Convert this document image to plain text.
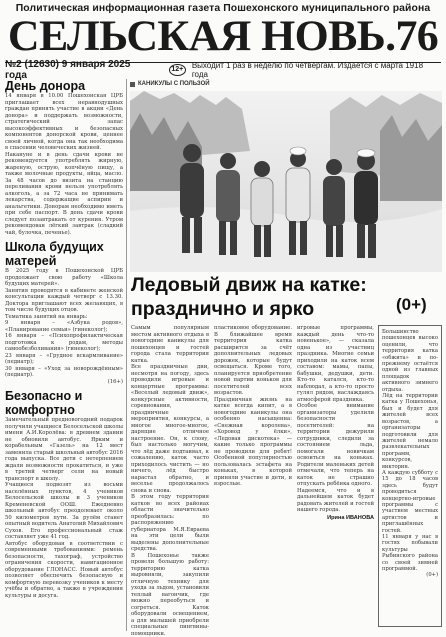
Политическая информационная газета Пошехонского муниципального района
СЕЛЬСКАЯ НОВЬ.76
№2 (12630) 9 января 2025 года	12+	Выходит 1 раз в неделю по четвергам. Издаётся с марта 1918 года
День донора

14 января в 10.00 Пошехонская ЦРБ приглашает всех неравнодушных граждан принять участие в акции «День донора» и поддержать возможности, стратегический запас высокоэффективных и безопасных компонентов донорской крови, ценнее своей личной, когда она так необходима в спасении человеческих жизней.

Накануне и в день сдачи крови не рекомендуется употреблять жирную, жареную, острую, копчёную пищу, а также молочные продукты, яйца, масло. За 48 часов до визита на станцию переливания крови нельзя употреблять алкоголь, а за 72 часа не принимать лекарства, содержащие аспирин и анальгетики. Донорам необходимо иметь при себе паспорт. В день сдачи крови следует позавтракать от курения. Утром рекомендован лёгкий завтрак (сладкий чай, булочка, печенье).

Школа будущих матерей

В 2025 году в Пошехонской ЦРБ продолжает свою работу «Школа будущих матерей».

Занятия проводятся в кабинете женской консультации каждый четверг с 13.30. Доктора приглашают всех желающих, в том числе будущих отцов.

Тематика занятий на январь:

9 января – «Азбука родов», «Планирование семьи» (гинеколог);

16 января – «Психопрофилактическая подготовка к родам, методы самообезболивания» (гинеколог);

23 января – «Грудное вскармливание» (педиатр);

30 января – «Уход за новорождённым» (педиатр).

(16+)

Безопасно и комфортно

Замечательный предновогодний подарок получили учащиеся Белосельской школы имени А.И.Королёва: в древнем здании не обновили автобус. Ярким и корабельным «Газель» на 12 мест заменила старый школьный автобус 2016 года выпуска. Все дети с нетерпением ждали возможности прокатиться, и уже в третий четверг сели на новый транспорт в школу.

Учащиеся подвозят из восьми населённых пунктов, 4 учеников Белосельской школы и 3 учеников Кременевской ООШ. Ежедневно школьный автобус преодолевает около 50 километров пути. За рулём станет опытный водитель Анатолий Михайлович Сухов. Его профессиональный стаж составляет уже 41 год.

Автобус оборудован в соответствии с современными требованиями: ремень безопасности, тахограф, устройство ограничения скорости, навигационное оборудование ГЛОНАСС. Новый автобус позволяет обеспечить безопасную и комфортную перевозку учеников к месту учёбы и обратно, а также в учреждения культуры и досуга.

КАНИКУЛЫ С ПОЛЬЗОЙ
Ледовый движ на катке: празднично и ярко	(0+)

Самым популярным местом активного отдыха в новогодние каникулы для пошехонцев и гостей города стала территория катка.

Все праздничные дни, несмотря на погоду, здесь проводили игровые и концертные программы: «Веселый ледовый движ», конкурсные активности, соревнования, праздничные мероприятия, конкурсы, а многое многое-многое, дарящие отличное настроение. Он, к слову, был настолько могучим, что лёд даже подтаивал, к сожалению, каток часто приходилось чистить — но ничего, лёд быстро нарастал обратно, и веселье продолжалось снова и снова.

В этом году территория катков во всех районах области значительно преобразилась: по распоряжению губернатора М.Я.Евраева на эти цели были выделены дополнительные средства.

В Пошехонье также провели большую работу: территорию катка выровняли, закупили отличную технику для ухода за льдом, установили теплый вагончик, где можно переобуться и согреться. Каток оборудовали освещением, а для малышей приобрели специальные пингвины-помощники.

пластиковое оборудование. В ближайшее время территория катка расширится за счёт дополнительных ледовых дорожек, которые будут освещаться. Кроме того, планируется приобретение новой партии коньков для посетителей всех возрастов.

Праздничная жизнь на катке всегда кипит, а в новогодние каникулы она особенно насыщенна: «Снежная королева», «Хоровод у ёлки», «Ледовая дискотека» — какие только программы не проводили для ребят! Особенной популярностью пользовалась эстафета на коньках, в которой приняли участие и дети, и взрослые.

игровые программы, каждый день что-то новенькое», — сказала одна из участниц праздника. Многие семьи приходили на каток всем составом: мамы, папы, бабушки, дедушки, дети. Кто-то катался, кто-то наблюдал, а кто-то просто гулял рядом, наслаждаясь атмосферой праздника.

Особое внимание организаторы уделили безопасности посетителей: на территории дежурили сотрудники, следили за состоянием льда, помогали новичкам освоиться на коньках. Родители маленьких детей отмечали, что теперь на каток не страшно отпускать ребёнка одного.

Надеемся, что и в дальнейшем каток будет радовать жителей и гостей нашего города.

Ирина ИВАНОВА

Большинство пошехонцев высоко оценили, что территория катка «обжита» и по-прежнему остаётся одной из главных площадок активного зимнего отдыха.

Лёд на территории катка у Пошехонья, был и будет для жителей всех возрастов, а организаторы подготовили для жителей немало развлекательных программ, конкурсов, викторин.

А каждую субботу с 15 до 18 часов здесь будут проводиться концертно-игровые программы с участием местных артистов и приглашённых гостей.

11 января у нас в гостях побывали культуры Рыбинского района со своей зимней программой.

(0+)
